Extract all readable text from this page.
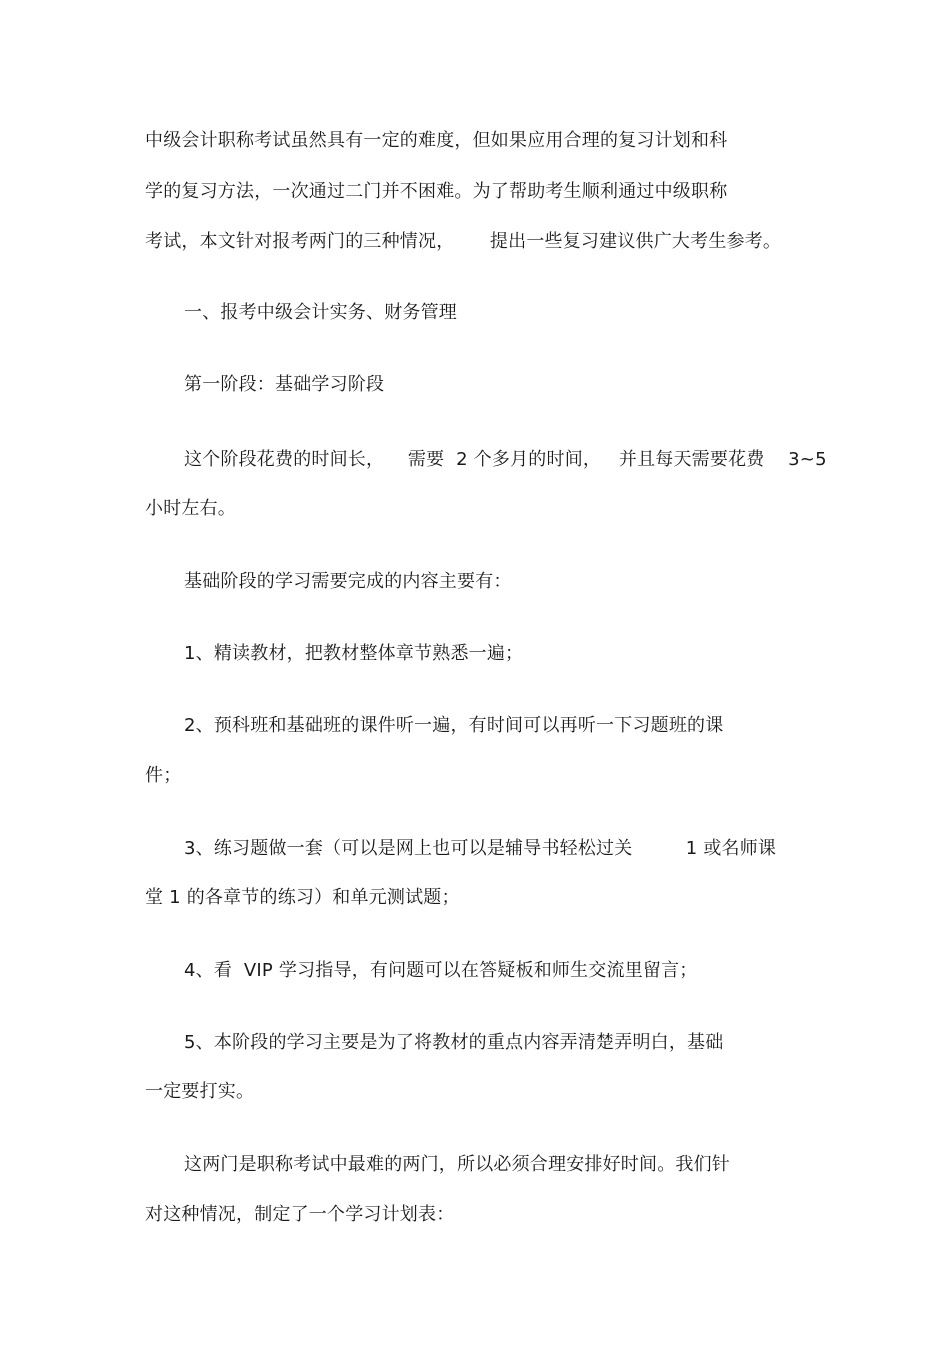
中级会计职称考试虽然具有一定的难度，但如果应用合理的复习计划和科
学的复习方法，一次通过二门并不困难。为了帮助考生顺利通过中级职称
考试，本文针对报考两门的三种情况，      提出一些复习建议供广大考生参考。
一、报考中级会计实务、财务管理
第一阶段：基础学习阶段
这个阶段花费的时间长，    需要  2 个多月的时间，   并且每天需要花费    3~5
小时左右。
基础阶段的学习需要完成的内容主要有：
1、精读教材，把教材整体章节熟悉一遍；
2、预科班和基础班的课件听一遍，有时间可以再听一下习题班的课
件；
3、练习题做一套（可以是网上也可以是辅导书轻松过关         1 或名师课
堂 1 的各章节的练习）和单元测试题；
4、看  VIP 学习指导，有问题可以在答疑板和师生交流里留言；
5、本阶段的学习主要是为了将教材的重点内容弄清楚弄明白，基础
一定要打实。
这两门是职称考试中最难的两门，所以必须合理安排好时间。我们针
对这种情况，制定了一个学习计划表：
